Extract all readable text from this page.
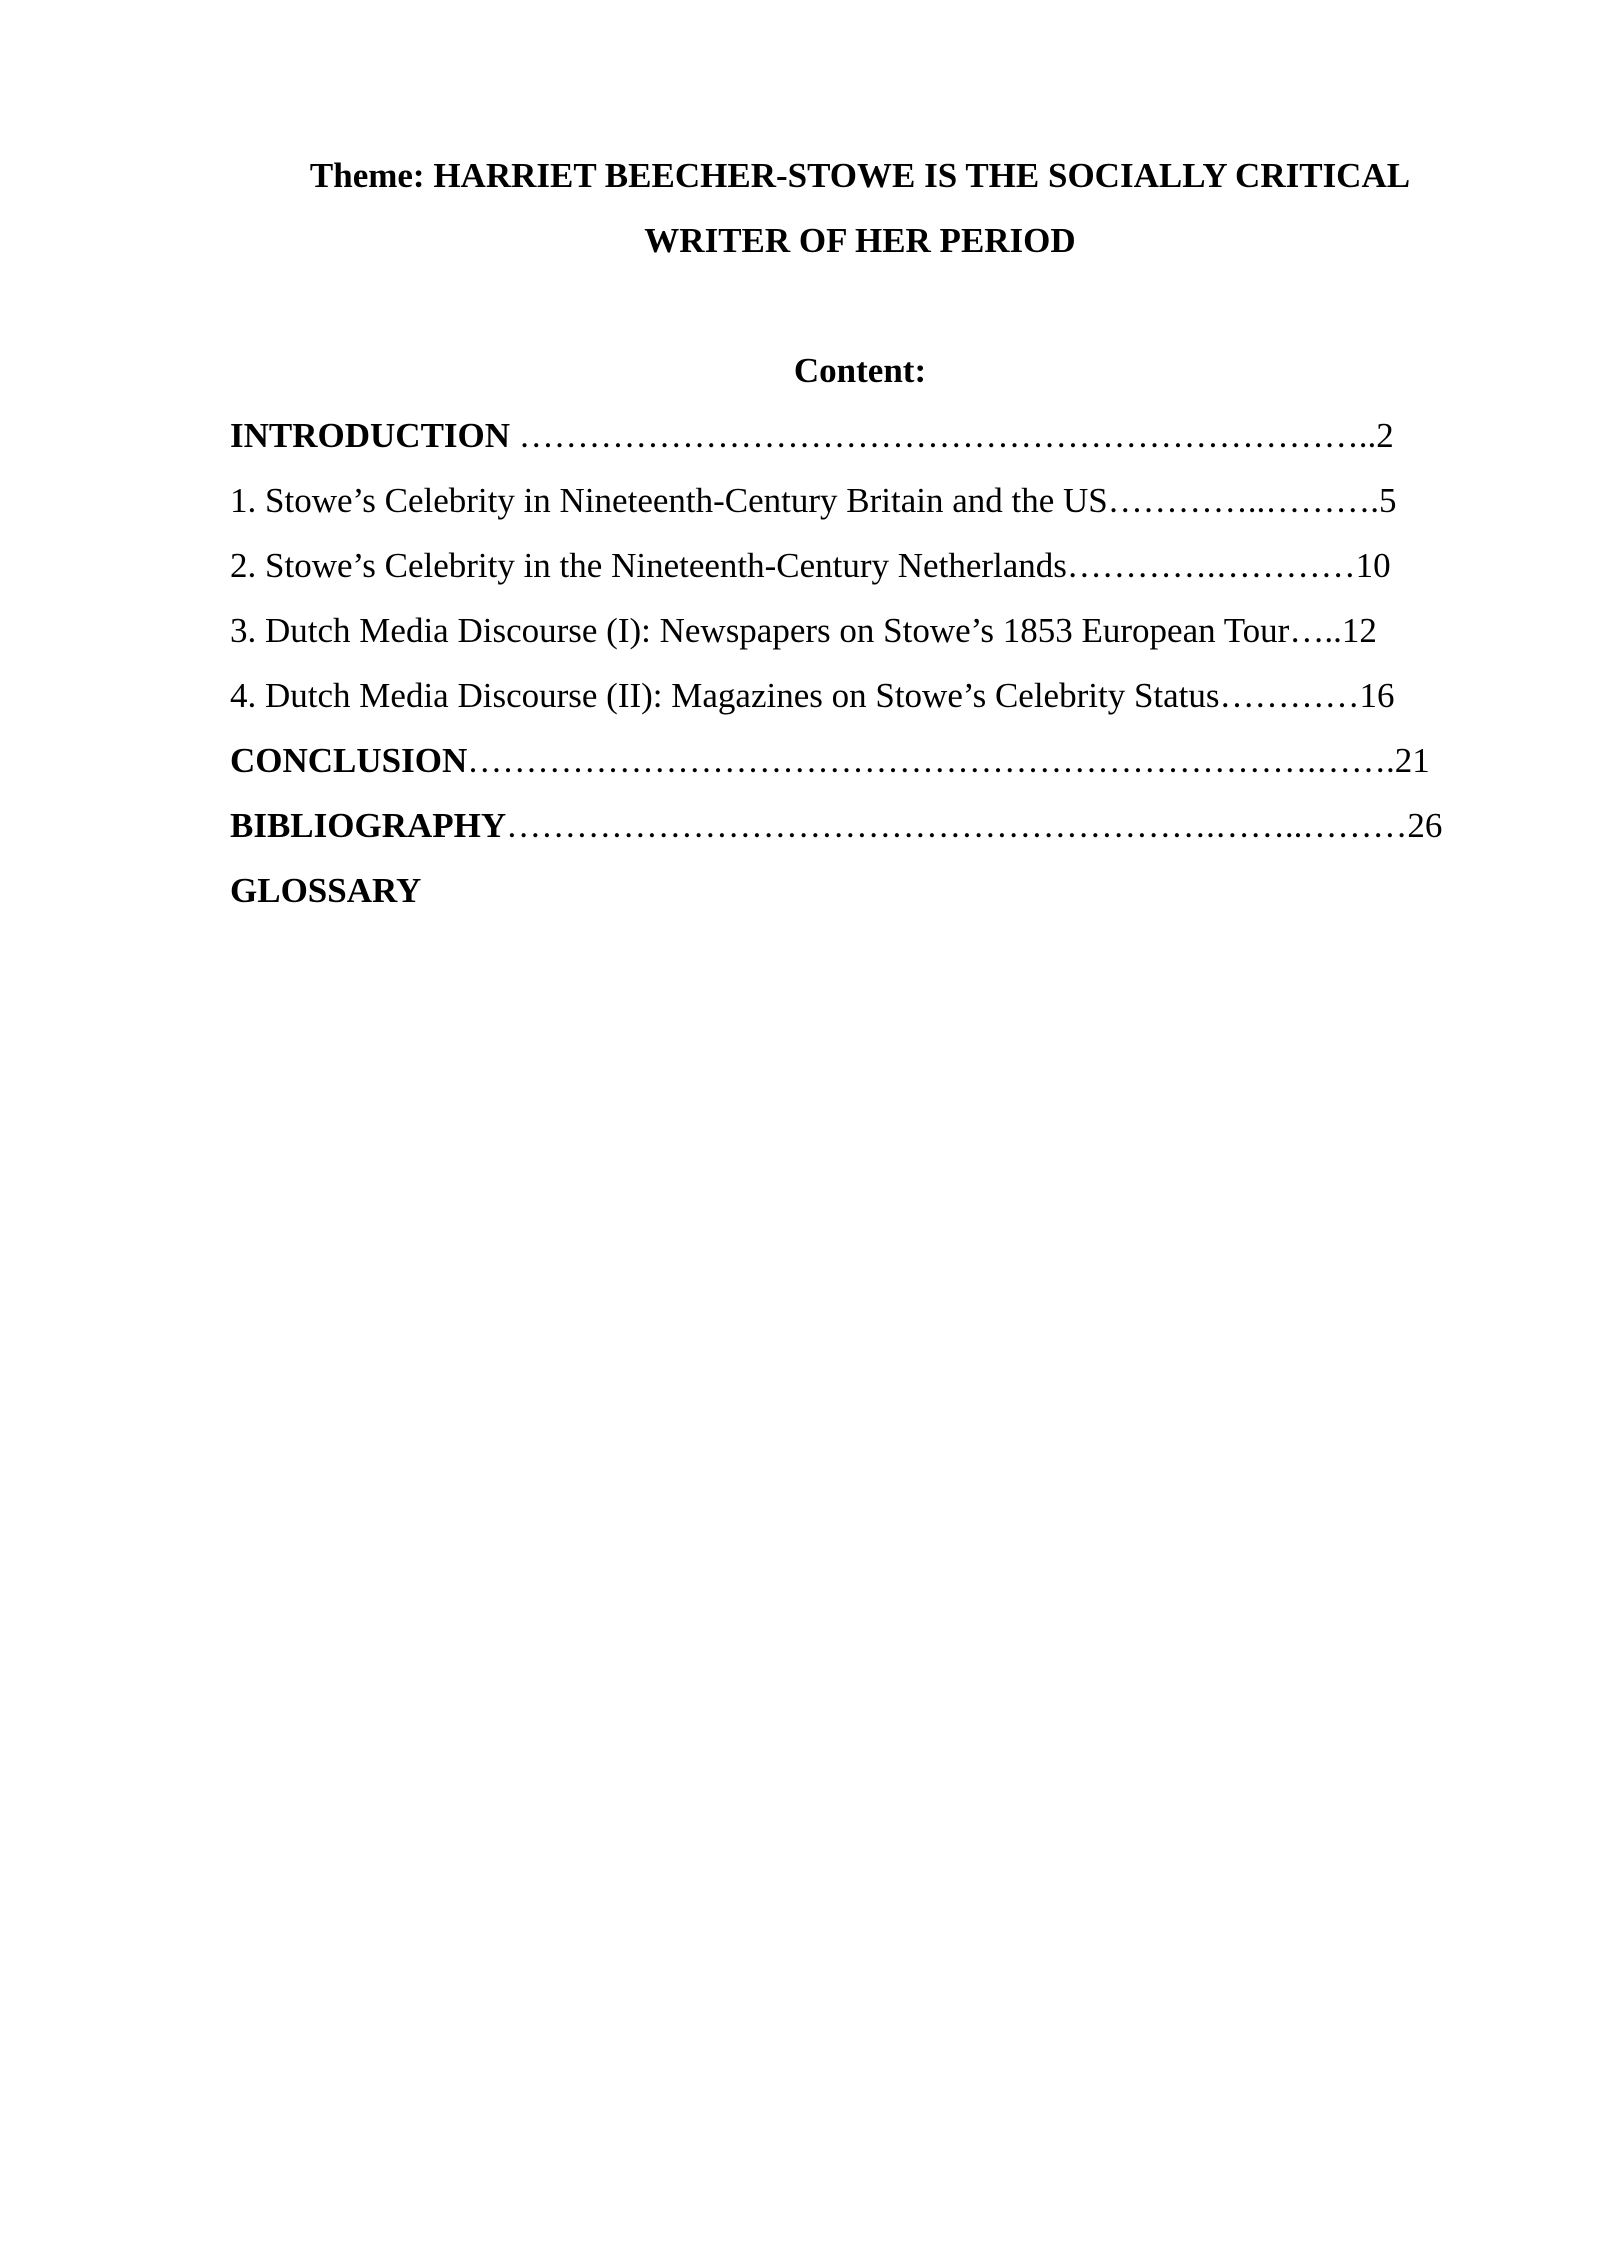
Theme: HARRIET BEECHER-STOWE IS THE SOCIALLY CRITICAL
WRITER OF HER PERIOD
Content:
INTRODUCTION ………………………………………………………………..2
1. Stowe’s Celebrity in Nineteenth-Century Britain and the US…………..……….5
2. Stowe’s Celebrity in the Nineteenth-Century Netherlands………….…………10
3. Dutch Media Discourse (I): Newspapers on Stowe’s 1853 European Tour…..12
4. Dutch Media Discourse (II): Magazines on Stowe’s Celebrity Status…………16
CONCLUSION……………………………………………………………….…….21
BIBLIOGRAPHY…………………………………………………….……..………26
GLOSSARY
